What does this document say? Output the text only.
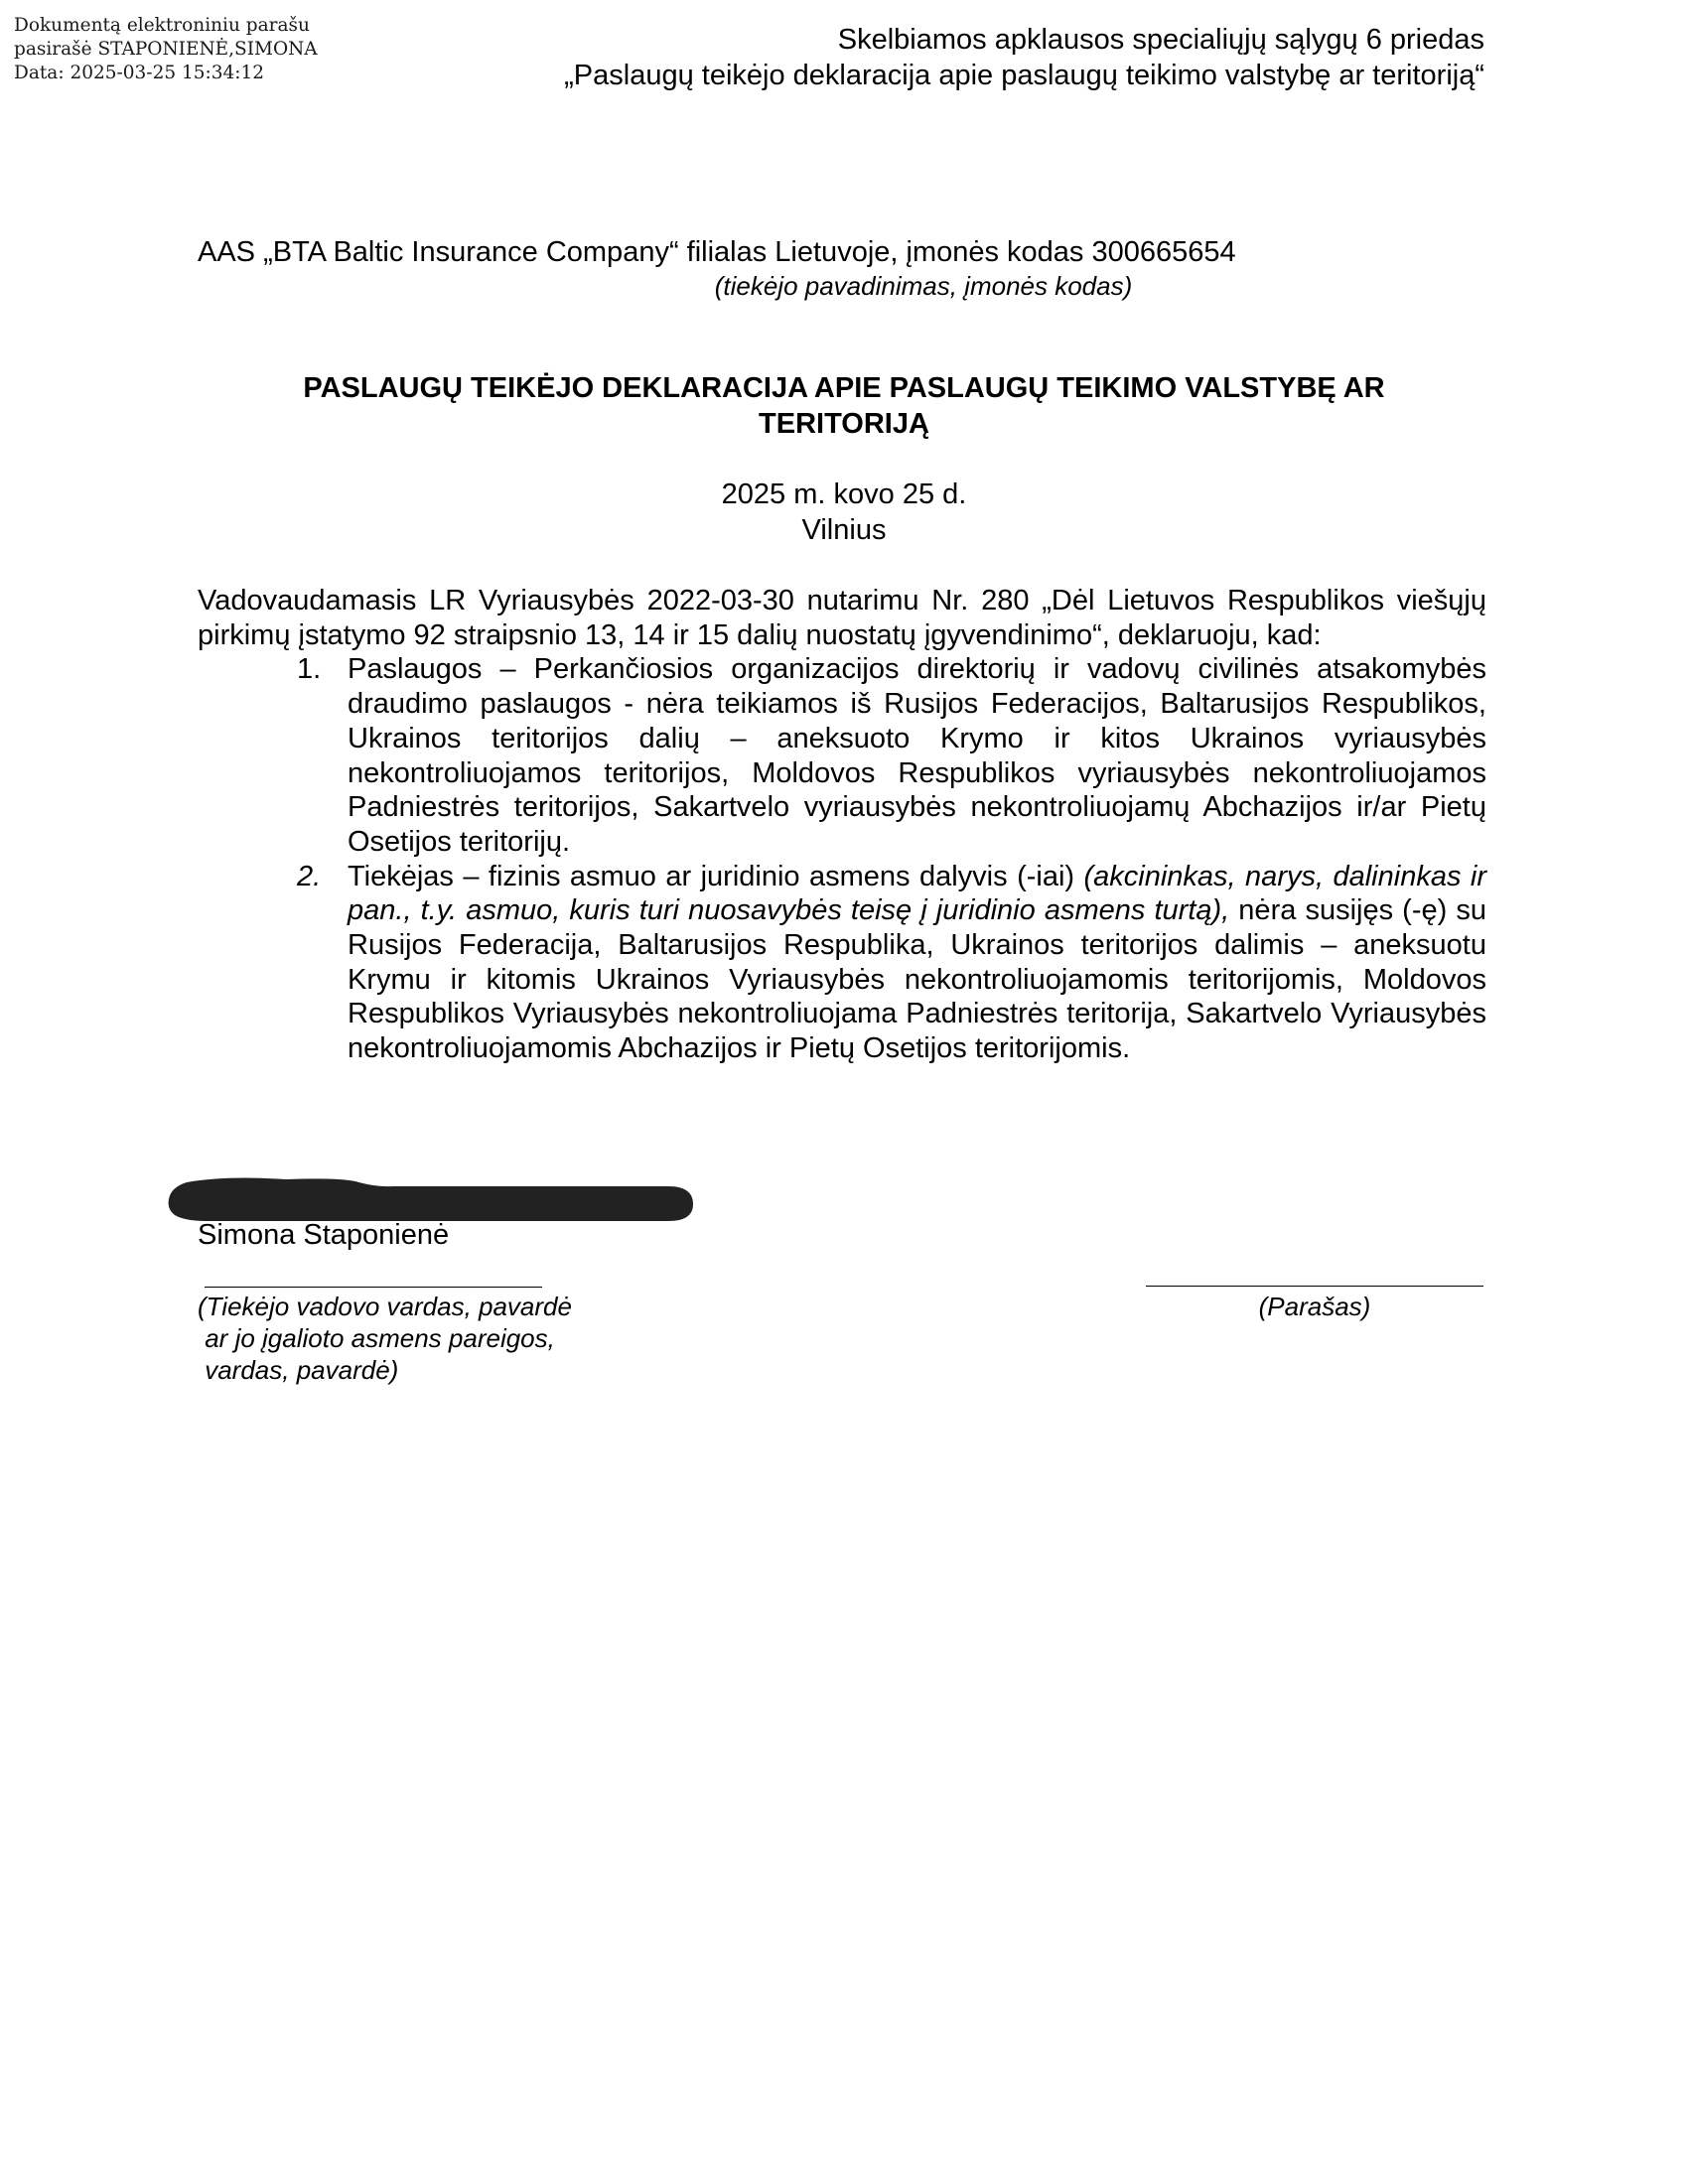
Dokumentą elektroniniu parašu
pasirašė STAPONIENĖ,SIMONA
Data: 2025-03-25 15:34:12
Skelbiamos apklausos specialiųjų sąlygų 6 priedas
„Paslaugų teikėjo deklaracija apie paslaugų teikimo valstybę ar teritoriją“
AAS „BTA Baltic Insurance Company“ filialas Lietuvoje, įmonės kodas 300665654
(tiekėjo pavadinimas, įmonės kodas)
PASLAUGŲ TEIKĖJO DEKLARACIJA APIE PASLAUGŲ TEIKIMO VALSTYBĘ AR
TERITORIJĄ
2025 m. kovo 25 d.
Vilnius

Vadovaudamasis LR Vyriausybės 2022-03-30 nutarimu Nr. 280 „Dėl Lietuvos Respublikos viešųjų pirkimų įstatymo 92 straipsnio 13, 14 ir 15 dalių nuostatų įgyvendinimo“, deklaruoju, kad:

1. Paslaugos – Perkančiosios organizacijos direktorių ir vadovų civilinės atsakomybės draudimo paslaugos - nėra teikiamos iš Rusijos Federacijos, Baltarusijos Respublikos, Ukrainos teritorijos dalių – aneksuoto Krymo ir kitos Ukrainos vyriausybės nekontroliuojamos teritorijos, Moldovos Respublikos vyriausybės nekontroliuojamos Padniestrės teritorijos, Sakartvelo vyriausybės nekontroliuojamų Abchazijos ir/ar Pietų Osetijos teritorijų.
2. Tiekėjas – fizinis asmuo ar juridinio asmens dalyvis (-iai) (akcininkas, narys, dalininkas ir pan., t.y. asmuo, kuris turi nuosavybės teisę į juridinio asmens turtą), nėra susijęs (-ę) su Rusijos Federacija, Baltarusijos Respublika, Ukrainos teritorijos dalimis – aneksuotu Krymu ir kitomis Ukrainos Vyriausybės nekontroliuojamomis teritorijomis, Moldovos Respublikos Vyriausybės nekontroliuojama Padniestrės teritorija, Sakartvelo Vyriausybės nekontroliuojamomis Abchazijos ir Pietų Osetijos teritorijomis.
Simona Staponienė
(Tiekėjo vadovo vardas, pavardė
ar jo įgalioto asmens pareigos,
vardas, pavardė)
(Parašas)
